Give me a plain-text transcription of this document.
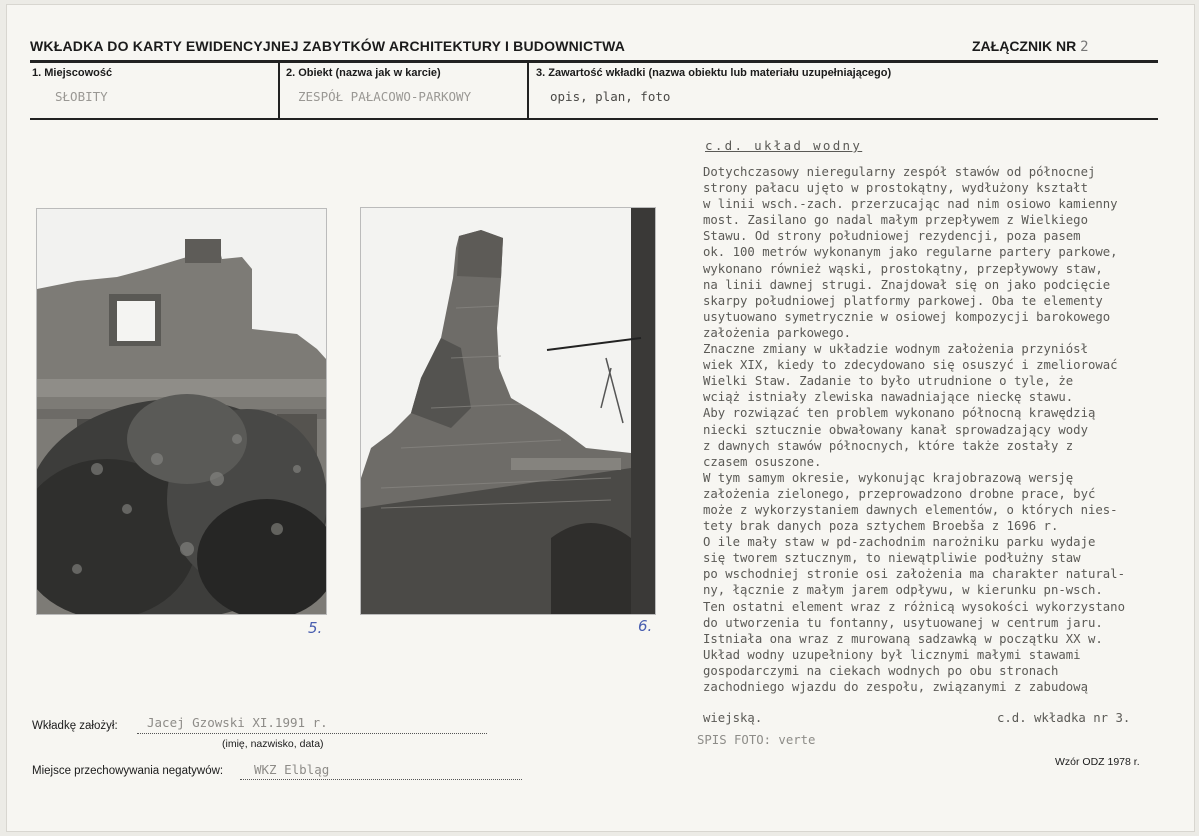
WKŁADKA DO KARTY EWIDENCYJNEJ ZABYTKÓW ARCHITEKTURY I BUDOWNICTWA	ZAŁĄCZNIK NR 2
1. Miejscowość
SŁOBITY
2. Obiekt (nazwa jak w karcie)
ZESPÓŁ PAŁACOWO-PARKOWY
3. Zawartość wkładki (nazwa obiektu lub materiału uzupełniającego)
opis, plan, foto
5.	6.
c.d. układ wodny
Dotychczasowy nieregularny zespół stawów od północnej
strony pałacu ujęto w prostokątny, wydłużony kształt
w linii wsch.-zach. przerzucając nad nim osiowo kamienny
most. Zasilano go nadal małym przepływem z Wielkiego
Stawu. Od strony południowej rezydencji, poza pasem
ok. 100 metrów wykonanym jako regularne partery parkowe,
wykonano również wąski, prostokątny, przepływowy staw,
na linii dawnej strugi. Znajdował się on jako podcięcie
skarpy południowej platformy parkowej. Oba te elementy
usytuowano symetrycznie w osiowej kompozycji barokowego
założenia parkowego.
Znaczne zmiany w układzie wodnym założenia przyniósł
wiek XIX, kiedy to zdecydowano się osuszyć i zmeliorować
Wielki Staw. Zadanie to było utrudnione o tyle, że
wciąż istniały zlewiska nawadniające nieckę stawu.
Aby rozwiązać ten problem wykonano północną krawędzią
niecki sztucznie obwałowany kanał sprowadzający wody
z dawnych stawów północnych, które także zostały z
czasem osuszone.
W tym samym okresie, wykonując krajobrazową wersję
założenia zielonego, przeprowadzono drobne prace, być
może z wykorzystaniem dawnych elementów, o których nies-
tety brak danych poza sztychem Broebša z 1696 r.
O ile mały staw w pd-zachodnim narożniku parku wydaje
się tworem sztucznym, to niewątpliwie podłużny staw
po wschodniej stronie osi założenia ma charakter natural-
ny, łącznie z małym jarem odpływu, w kierunku pn-wsch.
Ten ostatni element wraz z różnicą wysokości wykorzystano
do utworzenia tu fontanny, usytuowanej w centrum jaru.
Istniała ona wraz z murowaną sadzawką w początku XX w.
Układ wodny uzupełniony był licznymi małymi stawami
gospodarczymi na ciekach wodnych po obu stronach
zachodniego wjazdu do zespołu, związanymi z zabudową
wiejską.	c.d. wkładka nr 3.
SPIS FOTO: verte
Wzór ODZ 1978 r.
Wkładkę założył: Jacej Gzowski XI.1991 r.
(imię, nazwisko, data)
Miejsce przechowywania negatywów: WKZ Elbląg
